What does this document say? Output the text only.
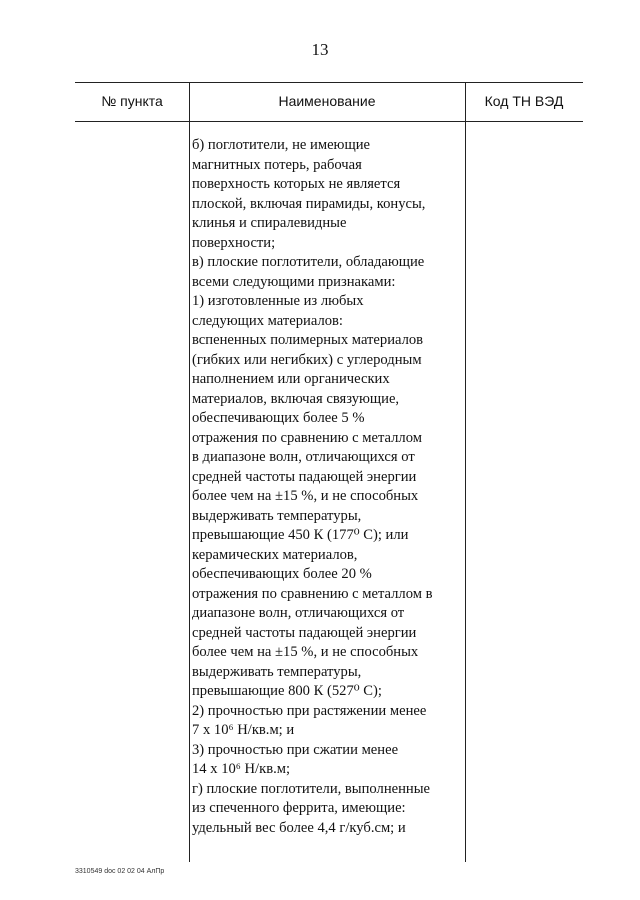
13
№ пункта	Наименование	Код ТН ВЭД
б) поглотители, не имеющие
магнитных потерь, рабочая
поверхность которых не является
плоской, включая пирамиды, конусы,
клинья и спиралевидные
поверхности;
в) плоские поглотители, обладающие
всеми следующими признаками:
1) изготовленные из любых
следующих материалов:
вспененных полимерных материалов
(гибких или негибких) с углеродным
наполнением или органических
материалов, включая связующие,
обеспечивающих более 5 %
отражения по сравнению с металлом
в диапазоне волн, отличающихся от
средней частоты падающей энергии
более чем на ±15 %, и не способных
выдерживать температуры,
превышающие 450 К (177⁰ С); или
керамических материалов,
обеспечивающих более 20 %
отражения по сравнению с металлом в
диапазоне волн, отличающихся от
средней частоты падающей энергии
более чем на ±15 %, и не способных
выдерживать температуры,
превышающие 800 К (527⁰ С);
2) прочностью при растяжении менее
7 х 10⁶ Н/кв.м; и
3) прочностью при сжатии менее
14 х 10⁶ Н/кв.м;
г) плоские поглотители, выполненные
из спеченного феррита, имеющие:
удельный вес более 4,4 г/куб.см; и
3310549 doc 02 02 04 АлПр
